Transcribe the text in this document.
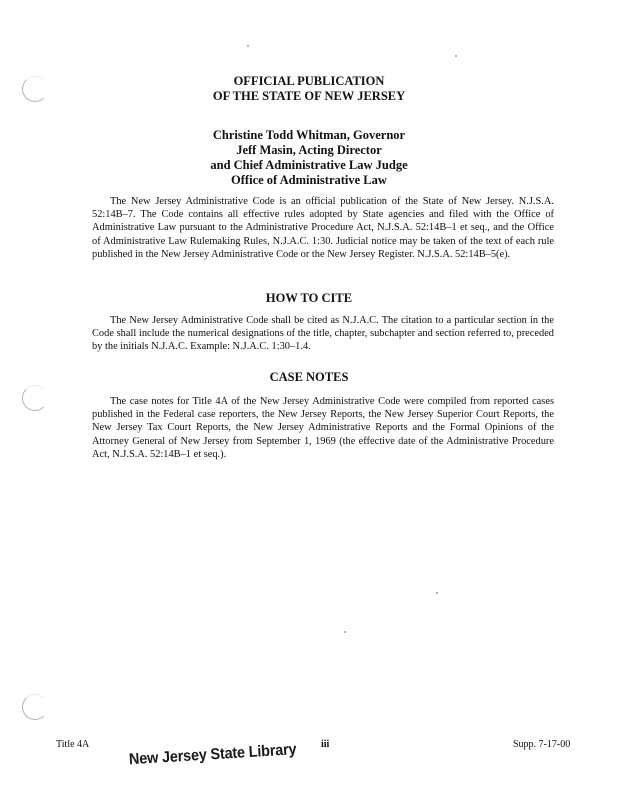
OFFICIAL PUBLICATION
OF THE STATE OF NEW JERSEY
Christine Todd Whitman, Governor
Jeff Masin, Acting Director
and Chief Administrative Law Judge
Office of Administrative Law

The New Jersey Administrative Code is an official publication of the State of New Jersey. N.J.S.A. 52:14B–7. The Code contains all effective rules adopted by State agencies and filed with the Office of Administrative Law pursuant to the Administrative Procedure Act, N.J.S.A. 52:14B–1 et seq., and the Office of Administrative Law Rulemaking Rules, N.J.A.C. 1:30. Judicial notice may be taken of the text of each rule published in the New Jersey Administrative Code or the New Jersey Register. N.J.S.A. 52:14B–5(e).

HOW TO CITE

The New Jersey Administrative Code shall be cited as N.J.A.C. The citation to a particular section in the Code shall include the numerical designations of the title, chapter, subchapter and section referred to, preceded by the initials N.J.A.C. Example: N.J.A.C. 1:30–1.4.

CASE NOTES

The case notes for Title 4A of the New Jersey Administrative Code were compiled from reported cases published in the Federal case reporters, the New Jersey Reports, the New Jersey Superior Court Reports, the New Jersey Tax Court Reports, the New Jersey Administrative Reports and the Formal Opinions of the Attorney General of New Jersey from September 1, 1969 (the effective date of the Administrative Procedure Act, N.J.S.A. 52:14B–1 et seq.).

Title 4A	iii	Supp. 7-17-00
New Jersey State Library
